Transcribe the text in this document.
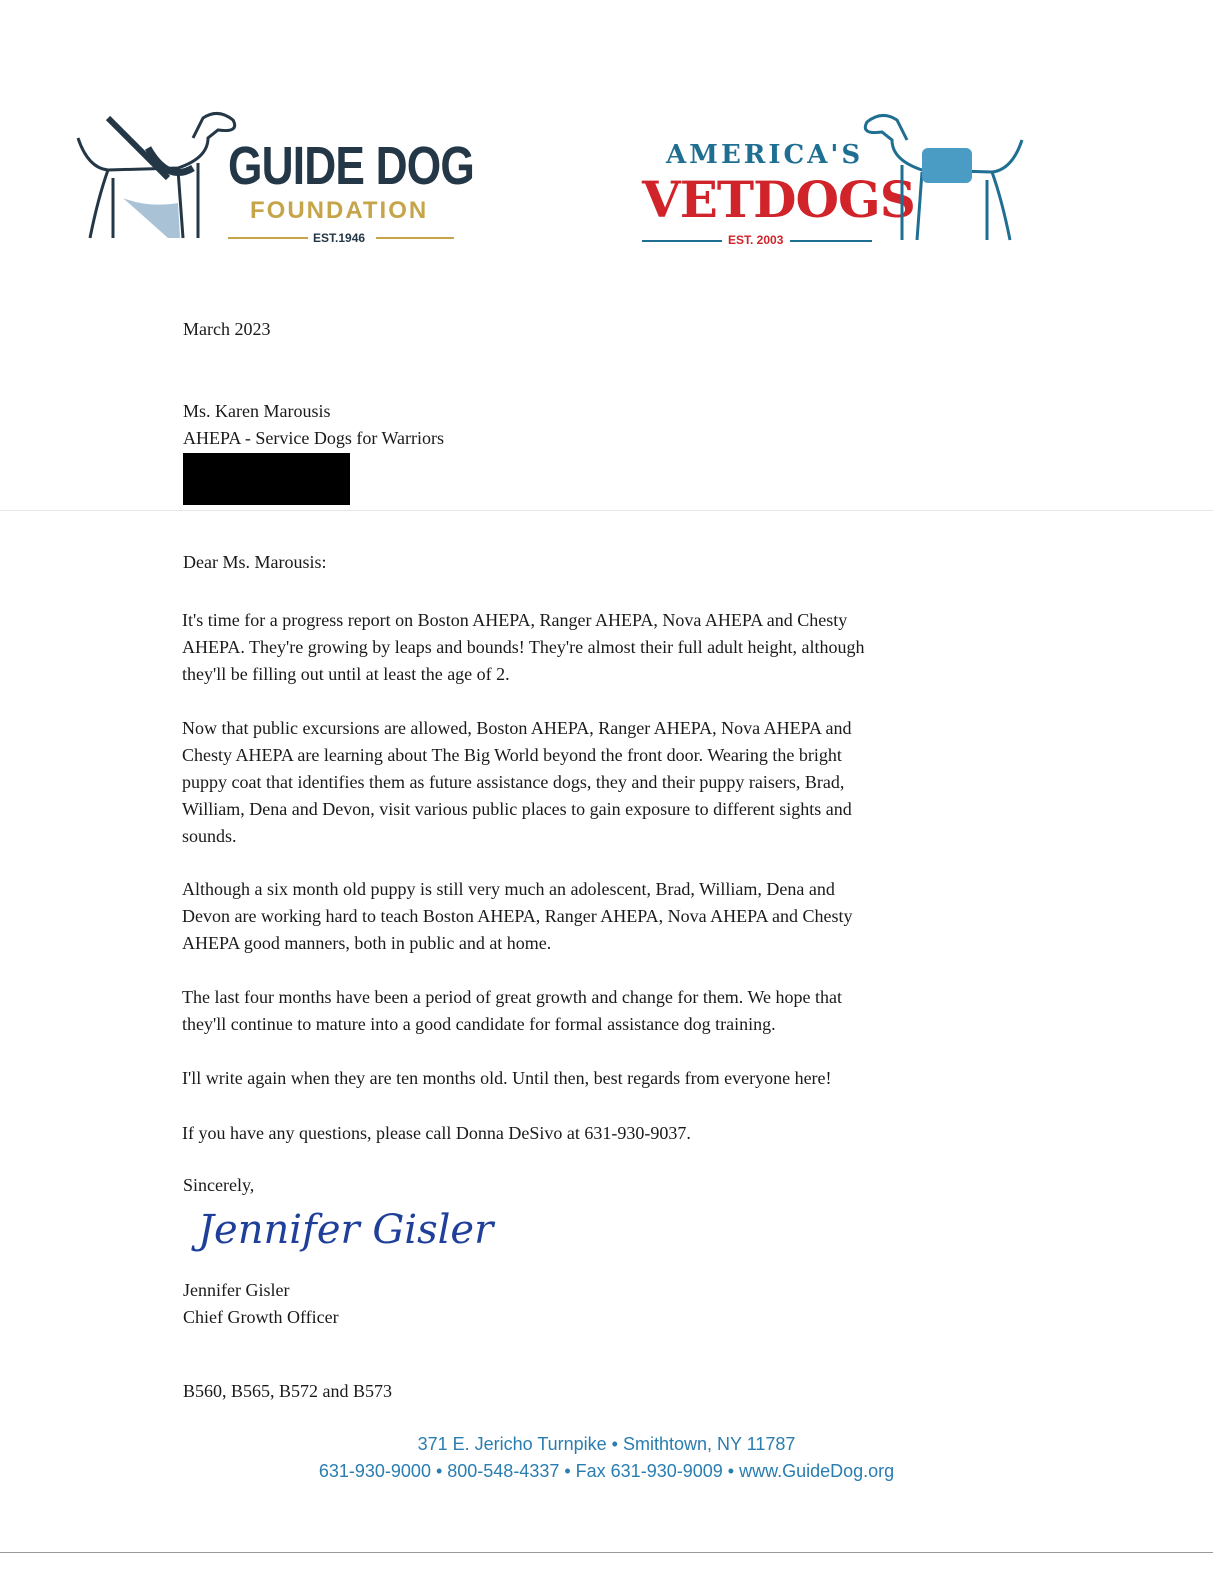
GUIDE DOG
FOUNDATION
EST.1946
AMERICA'S
VETDOGS
EST. 2003
March 2023
Ms. Karen Marousis
AHEPA - Service Dogs for Warriors
Dear Ms. Marousis:
It's time for a progress report on Boston AHEPA, Ranger AHEPA, Nova AHEPA and Chesty
AHEPA. They're growing by leaps and bounds! They're almost their full adult height, although
they'll be filling out until at least the age of 2.
Now that public excursions are allowed, Boston AHEPA, Ranger AHEPA, Nova AHEPA and
Chesty AHEPA are learning about The Big World beyond the front door. Wearing the bright
puppy coat that identifies them as future assistance dogs, they and their puppy raisers, Brad,
William, Dena and Devon, visit various public places to gain exposure to different sights and
sounds.
Although a six month old puppy is still very much an adolescent, Brad, William, Dena and
Devon are working hard to teach Boston AHEPA, Ranger AHEPA, Nova AHEPA and Chesty
AHEPA good manners, both in public and at home.
The last four months have been a period of great growth and change for them. We hope that
they'll continue to mature into a good candidate for formal assistance dog training.
I'll write again when they are ten months old. Until then, best regards from everyone here!
If you have any questions, please call Donna DeSivo at 631-930-9037.
Sincerely,
Jennifer Gisler
Jennifer Gisler
Chief Growth Officer
B560, B565, B572 and B573
371 E. Jericho Turnpike • Smithtown, NY 11787
631-930-9000 • 800-548-4337 • Fax 631-930-9009 • www.GuideDog.org
